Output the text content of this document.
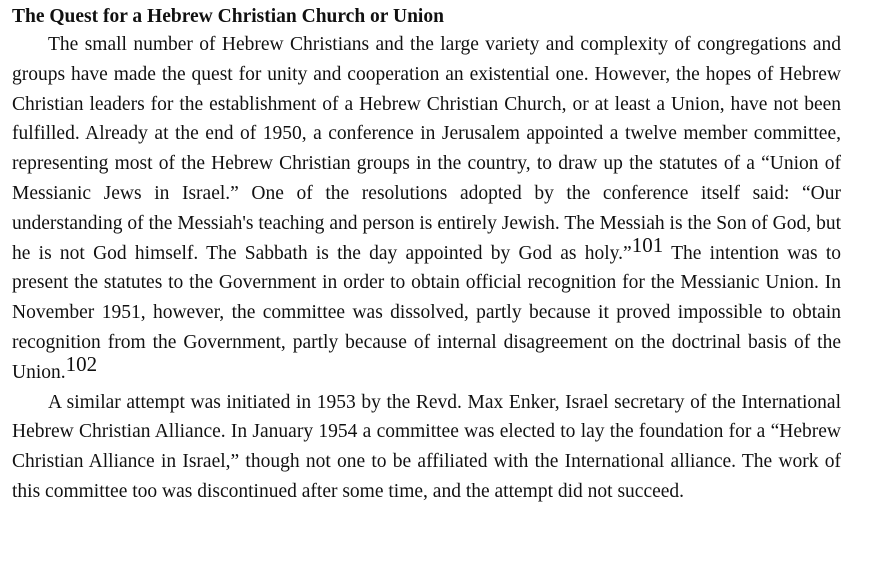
The Quest for a Hebrew Christian Church or Union

The small number of Hebrew Christians and the large variety and complexity of congregations and groups have made the quest for unity and cooperation an existential one. However, the hopes of Hebrew Christian leaders for the establishment of a Hebrew Christian Church, or at least a Union, have not been fulfilled. Already at the end of 1950, a conference in Jerusalem appointed a twelve member committee, representing most of the Hebrew Christian groups in the country, to draw up the statutes of a “Union of Messianic Jews in Israel.” One of the resolutions adopted by the conference itself said: “Our understanding of the Messiah's teaching and person is entirely Jewish. The Messiah is the Son of God, but he is not God himself. The Sabbath is the day appointed by God as holy.”101 The intention was to present the statutes to the Government in order to obtain official recognition for the Messianic Union. In November 1951, however, the committee was dissolved, partly because it proved impossible to obtain recognition from the Government, partly because of internal disagreement on the doctrinal basis of the Union.102

A similar attempt was initiated in 1953 by the Revd. Max Enker, Israel secretary of the International Hebrew Christian Alliance. In January 1954 a committee was elected to lay the foundation for a “Hebrew Christian Alliance in Israel,” though not one to be affiliated with the International alliance. The work of this committee too was discontinued after some time, and the attempt did not succeed.
